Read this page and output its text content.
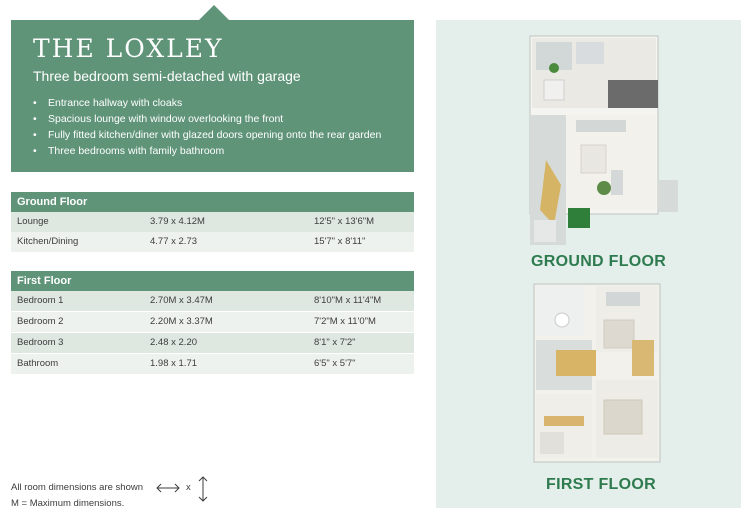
THE LOXLEY
Three bedroom semi-detached with garage
• Entrance hallway with cloaks
• Spacious lounge with window overlooking the front
• Fully fitted kitchen/diner with glazed doors opening onto the rear garden
• Three bedrooms with family bathroom
Ground Floor
Lounge	3.79 x 4.12M	12'5" x 13'6"M
Kitchen/Dining	4.77 x 2.73	15'7" x 8'11"
First Floor
Bedroom 1	2.70M x 3.47M	8'10"M x 11'4"M
Bedroom 2	2.20M x 3.37M	7'2"M x 11'0"M
Bedroom 3	2.48 x 2.20	8'1" x 7'2"
Bathroom	1.98 x 1.71	6'5" x 5'7"
All room dimensions are shown	x
M = Maximum dimensions.
GROUND FLOOR
FIRST FLOOR
